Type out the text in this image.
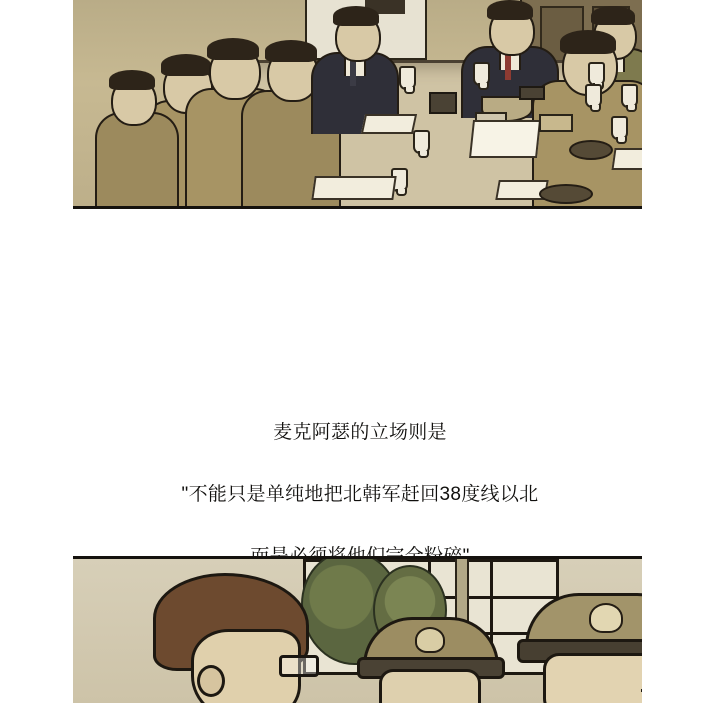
麦克阿瑟的立场则是

"不能只是单纯地把北韩军赶回38度线以北
